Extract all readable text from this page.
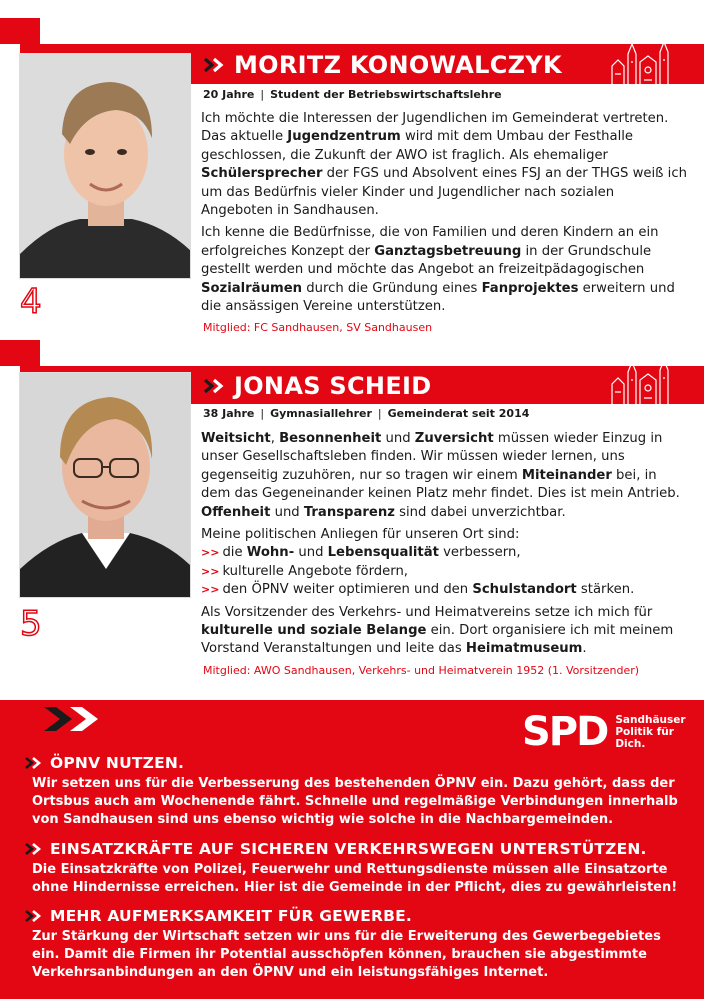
4
MORITZ KONOWALCZYK
20 Jahre | Student der Betriebswirtschaftslehre

Ich möchte die Interessen der Jugendlichen im Gemeinderat vertreten. Das aktuelle Jugendzentrum wird mit dem Umbau der Festhalle geschlossen, die Zukunft der AWO ist fraglich. Als ehemaliger Schülersprecher der FGS und Absolvent eines FSJ an der THGS weiß ich um das Bedürfnis vieler Kinder und Jugendlicher nach sozialen Angeboten in Sandhausen.

Ich kenne die Bedürfnisse, die von Familien und deren Kindern an ein erfolgreiches Konzept der Ganztagsbetreuung in der Grundschule gestellt werden und möchte das Angebot an freizeitpädagogischen Sozialräumen durch die Gründung eines Fanprojektes erweitern und die ansässigen Vereine unterstützen.

Mitglied: FC Sandhausen, SV Sandhausen
5
JONAS SCHEID
38 Jahre | Gymnasiallehrer | Gemeinderat seit 2014

Weitsicht, Besonnenheit und Zuversicht müssen wieder Einzug in unser Gesellschaftsleben finden. Wir müssen wieder lernen, uns gegenseitig zuzuhören, nur so tragen wir einem Miteinander bei, in dem das Gegeneinander keinen Platz mehr findet. Dies ist mein Antrieb. Offenheit und Transparenz sind dabei unverzichtbar.

Meine politischen Anliegen für unseren Ort sind:

>> die Wohn- und Lebensqualität verbessern,
>> kulturelle Angebote fördern,
>> den ÖPNV weiter optimieren und den Schulstandort stärken.

Als Vorsitzender des Verkehrs- und Heimatvereins setze ich mich für kulturelle und soziale Belange ein. Dort organisiere ich mit meinem Vorstand Veranstaltungen und leite das Heimatmuseum.

Mitglied: AWO Sandhausen, Verkehrs- und Heimatverein 1952 (1. Vorsitzender)
SPD Sandhäuser
Politik für
Dich.
ÖPNV NUTZEN.
Wir setzen uns für die Verbesserung des bestehenden ÖPNV ein. Dazu gehört, dass der Ortsbus auch am Wochenende fährt. Schnelle und regelmäßige Verbindungen innerhalb von Sandhausen sind uns ebenso wichtig wie solche in die Nachbargemeinden.
EINSATZKRÄFTE AUF SICHEREN VERKEHRSWEGEN UNTERSTÜTZEN.
Die Einsatzkräfte von Polizei, Feuerwehr und Rettungsdienste müssen alle Einsatzorte ohne Hindernisse erreichen. Hier ist die Gemeinde in der Pflicht, dies zu gewährleisten!
MEHR AUFMERKSAMKEIT FÜR GEWERBE.
Zur Stärkung der Wirtschaft setzen wir uns für die Erweiterung des Gewerbegebietes ein. Damit die Firmen ihr Potential ausschöpfen können, brauchen sie abgestimmte Verkehrsanbindungen an den ÖPNV und ein leistungsfähiges Internet.
